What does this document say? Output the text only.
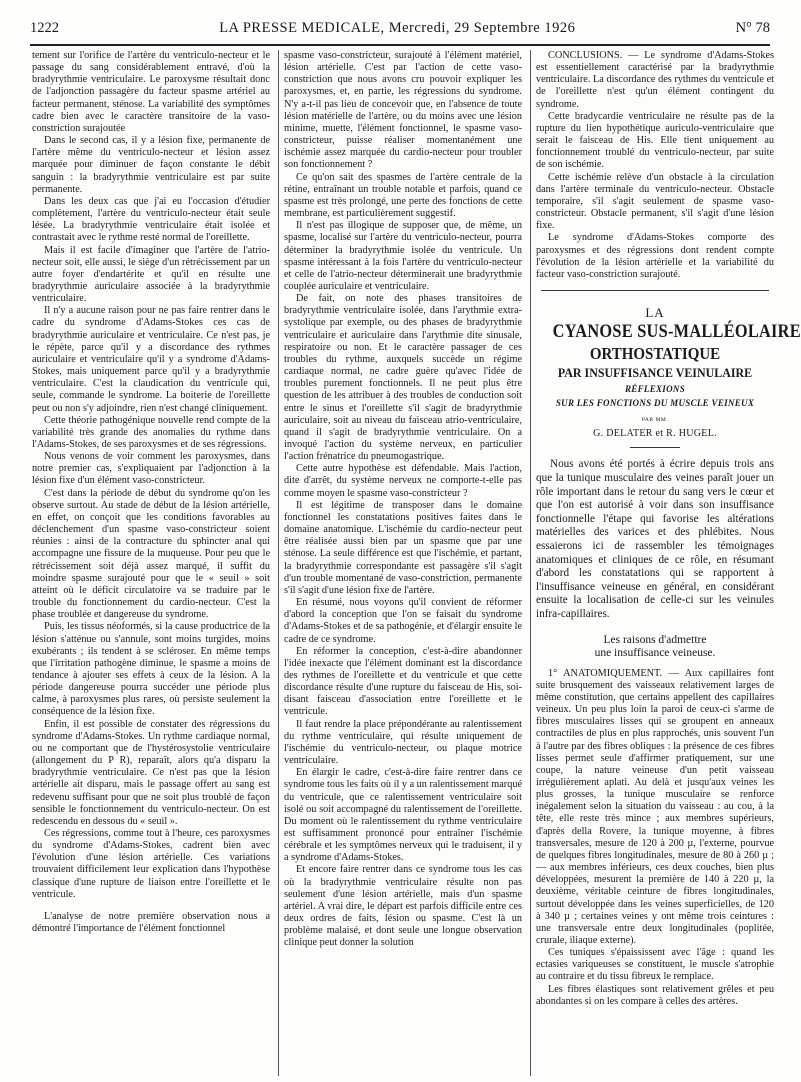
1222	LA PRESSE MEDICALE, Mercredi, 29 Septembre 1926	N° 78

tement sur l'orifice de l'artère du ventriculo-necteur et le passage du sang considérablement entravé, d'où la bradyrythmie ventriculaire. Le paroxysme résultait donc de l'adjonction passagère du facteur spasme artériel au facteur permanent, sténose. La variabilité des symptômes cadre bien avec le caractère transitoire de la vaso-constriction surajoutée

Dans le second cas, il y a lésion fixe, permanente de l'artère même du ventriculo-necteur et lésion assez marquée pour diminuer de façon constante le débit sanguin : la bradyrythmie ventriculaire est par suite permanente.

Dans les deux cas que j'ai eu l'occasion d'étudier complètement, l'artère du ventriculo-necteur était seule lésée. La bradyrythmie ventriculaire était isolée et contrastait avec le rythme resté normal de l'oreillette.

Mais il est facile d'imaginer que l'artère de l'atrio-necteur soit, elle aussi, le siège d'un rétrécissement par un autre foyer d'endartérite et qu'il en résulte une bradyrythmie auriculaire associée à la bradyrythmie ventriculaire.

Il n'y a aucune raison pour ne pas faire rentrer dans le cadre du syndrome d'Adams-Stokes ces cas de bradyrythmie auriculaire et ventriculaire. Ce n'est pas, je le répète, parce qu'il y a discordance des rythmes auriculaire et ventriculaire qu'il y a syndrome d'Adams-Stokes, mais uniquement parce qu'il y a bradyrythmie ventriculaire. C'est la claudication du ventricule qui, seule, commande le syndrome. La boiterie de l'oreillette peut ou non s'y adjoindre, rien n'est changé cliniquement.

Cette théorie pathogénique nouvelle rend compte de la variabilité très grande des anomalies du rythme dans l'Adams-Stokes, de ses paroxysmes et de ses régressions.

Nous venons de voir comment les paroxysmes, dans notre premier cas, s'expliquaient par l'adjonction à la lésion fixe d'un élément vaso-constricteur.

C'est dans la période de début du syndrome qu'on les observe surtout. Au stade de début de la lésion artérielle, en effet, on conçoit que les conditions favorables au déclenchement d'un spasme vaso-constricteur soient réunies : ainsi de la contracture du sphincter anal qui accompagne une fissure de la muqueuse. Pour peu que le rétrécissement soit déjà assez marqué, il suffit du moindre spasme surajouté pour que le « seuil » soit atteint où le déficit circulatoire va se traduire par le trouble du fonctionnement du cardio-necteur. C'est la phase troublée et dangereuse du syndrome.

Puis, les tissus néoformés, si la cause productrice de la lésion s'atténue ou s'annule, sont moins turgides, moins exubérants ; ils tendent à se scléroser. En même temps que l'irritation pathogène diminue, le spasme a moins de tendance à ajouter ses effets à ceux de la lésion. A la période dangereuse pourra succéder une période plus calme, à paroxysmes plus rares, où persiste seulement la conséquence de la lésion fixe.

Enfin, il est possible de constater des régressions du syndrome d'Adams-Stokes. Un rythme cardiaque normal, ou ne comportant que de l'hystérosystolie ventriculaire (allongement du P R), reparaît, alors qu'a disparu la bradyrythmie ventriculaire. Ce n'est pas que la lésion artérielle ait disparu, mais le passage offert au sang est redevenu suffisant pour que ne soit plus troublé de façon sensible le fonctionnement du ventriculo-necteur. On est redescendu en dessous du « seuil ».

Ces régressions, comme tout à l'heure, ces paroxysmes du syndrome d'Adams-Stokes, cadrent bien avec l'évolution d'une lésion artérielle. Ces variations trouvaient difficilement leur explication dans l'hypothèse classique d'une rupture de liaison entre l'oreillette et le ventricule.

L'analyse de notre première observation nous a démontré l'importance de l'élément fonctionnel

spasme vaso-constricteur, surajouté à l'élément matériel, lésion artérielle. C'est par l'action de cette vaso-constriction que nous avons cru pouvoir expliquer les paroxysmes, et, en partie, les régressions du syndrome. N'y a-t-il pas lieu de concevoir que, en l'absence de toute lésion matérielle de l'artère, ou du moins avec une lésion minime, muette, l'élément fonctionnel, le spasme vaso-constricteur, puisse réaliser momentanément une ischémie assez marquée du cardio-necteur pour troubler son fonctionnement ?

Ce qu'on sait des spasmes de l'artère centrale de la rétine, entraînant un trouble notable et parfois, quand ce spasme est très prolongé, une perte des fonctions de cette membrane, est particulièrement suggestif.

Il n'est pas illogique de supposer que, de même, un spasme, localisé sur l'artère du ventriculo-necteur, pourra déterminer la bradyrythmie isolée du ventricule. Un spasme intéressant à la fois l'artère du ventriculo-necteur et celle de l'atrio-necteur déterminerait une bradyrythmie couplée auriculaire et ventriculaire.

De fait, on note des phases transitoires de bradyrythmie ventriculaire isolée, dans l'arythmie extra-systolique par exemple, ou des phases de bradyrythmie ventriculaire et auriculaire dans l'arythmie dite sinusale, respiratoire ou non. Et le caractère passager de ces troubles du rythme, auxquels succède un régime cardiaque normal, ne cadre guère qu'avec l'idée de troubles purement fonctionnels. Il ne peut plus être question de les attribuer à des troubles de conduction soit entre le sinus et l'oreillette s'il s'agit de bradyrythmie auriculaire, soit au niveau du faisceau atrio-ventriculaire, quand il s'agit de bradyrythmie ventriculaire. On a invoqué l'action du système nerveux, en particulier l'action frénatrice du pneumogastrique.

Cette autre hypothèse est défendable. Mais l'action, dite d'arrêt, du système nerveux ne comporte-t-elle pas comme moyen le spasme vaso-constricteur ?

Il est légitime de transposer dans le domaine fonctionnel les constatations positives faites dans le domaine anatomique. L'ischémie du cardio-necteur peut être réalisée aussi bien par un spasme que par une sténose. La seule différence est que l'ischémie, et partant, la bradyrythmie correspondante est passagère s'il s'agit d'un trouble momentané de vaso-constriction, permanente s'il s'agit d'une lésion fixe de l'artère.

En résumé, nous voyons qu'il convient de réformer d'abord la conception que l'on se faisait du syndrome d'Adams-Stokes et de sa pathogénie, et d'élargir ensuite le cadre de ce syndrome.

En réformer la conception, c'est-à-dire abandonner l'idée inexacte que l'élément dominant est la discordance des rythmes de l'oreillette et du ventricule et que cette discordance résulte d'une rupture du faisceau de His, soi-disant faisceau d'association entre l'oreillette et le ventricule.

Il faut rendre la place prépondérante au ralentissement du rythme ventriculaire, qui résulte uniquement de l'ischémie du ventriculo-necteur, ou plaque motrice ventriculaire.

En élargir le cadre, c'est-à-dire faire rentrer dans ce syndrome tous les faits où il y a un ralentissement marqué du ventricule, que ce ralentissement ventriculaire soit isolé ou soit accompagné du ralentissement de l'oreillette. Du moment où le ralentissement du rythme ventriculaire est suffisamment prononcé pour entraîner l'ischémie cérébrale et les symptômes nerveux qui le traduisent, il y a syndrome d'Adams-Stokes.

Et encore faire rentrer dans ce syndrome tous les cas où la bradyrythmie ventriculaire résulte non pas seulement d'une lésion artérielle, mais d'un spasme artériel. A vrai dire, le départ est parfois difficile entre ces deux ordres de faits, lésion ou spasme. C'est là un problème malaisé, et dont seule une longue observation clinique peut donner la solution

CONCLUSIONS. — Le syndrome d'Adams-Stokes est essentiellement caractérisé par la bradyrythmie ventriculaire. La discordance des rythmes du ventricule et de l'oreillette n'est qu'un élément contingent du syndrome.

Cette bradycardie ventriculaire ne résulte pas de la rupture du lien hypothétique auriculo-ventriculaire que serait le faisceau de His. Elle tient uniquement au fonctionnement troublé du ventriculo-necteur, par suite de son ischémie.

Cette ischémie relève d'un obstacle à la circulation dans l'artère terminale du ventriculo-necteur. Obstacle temporaire, s'il s'agit seulement de spasme vaso-constricteur. Obstacle permanent, s'il s'agit d'une lésion fixe.

Le syndrome d'Adams-Stokes comporte des paroxysmes et des régressions dont rendent compte l'évolution de la lésion artérielle et la variabilité du facteur vaso-constriction surajouté.

LA
CYANOSE SUS-MALLÉOLAIRE
ORTHOSTATIQUE
PAR INSUFFISANCE VEINULAIRE
RÉFLEXIONS
SUR LES FONCTIONS DU MUSCLE VEINEUX
PAR MM.
G. DELATER et R. HUGEL.

Nous avons été portés à écrire depuis trois ans que la tunique musculaire des veines paraît jouer un rôle important dans le retour du sang vers le cœur et que l'on est autorisé à voir dans son insuffisance fonctionnelle l'étape qui favorise les altérations matérielles des varices et des phlébites. Nous essaierons ici de rassembler les témoignages anatomiques et cliniques de ce rôle, en résumant d'abord les constatations qui se rapportent à l'insuffisance veineuse en général, en considérant ensuite la localisation de celle-ci sur les veinules infra-capillaires.

Les raisons d'admettre
une insuffisance veineuse.

1° ANATOMIQUEMENT. — Aux capillaires font suite brusquement des vaisseaux relativement larges de même constitution, que certains appellent des capillaires veineux. Un peu plus loin la paroi de ceux-ci s'arme de fibres musculaires lisses qui se groupent en anneaux contractiles de plus en plus rapprochés, unis souvent l'un à l'autre par des fibres obliques : la présence de ces fibres lisses permet seule d'affirmer pratiquement, sur une coupe, la nature veineuse d'un petit vaisseau irrégulièrement aplati. Au delà et jusqu'aux veines les plus grosses, la tunique musculaire se renforce inégalement selon la situation du vaisseau : au cou, à la tête, elle reste très mince ; aux membres supérieurs, d'après della Rovere, la tunique moyenne, à fibres transversales, mesure de 120 à 200 µ, l'externe, pourvue de quelques fibres longitudinales, mesure de 80 à 260 µ ; — aux membres inférieurs, ces deux couches, bien plus développées, mesurent la première de 140 à 220 µ, la deuxième, véritable ceinture de fibres longitudinales, surtout développée dans les veines superficielles, de 120 à 340 µ ; certaines veines y ont même trois ceintures : une transversale entre deux longitudinales (poplitée, crurale, iliaque externe).

Ces tuniques s'épaississent avec l'âge : quand les ectasies variqueuses se constituent, le muscle s'atrophie au contraire et du tissu fibreux le remplace.

Les fibres élastiques sont relativement grêles et peu abondantes si on les compare à celles des artères.
